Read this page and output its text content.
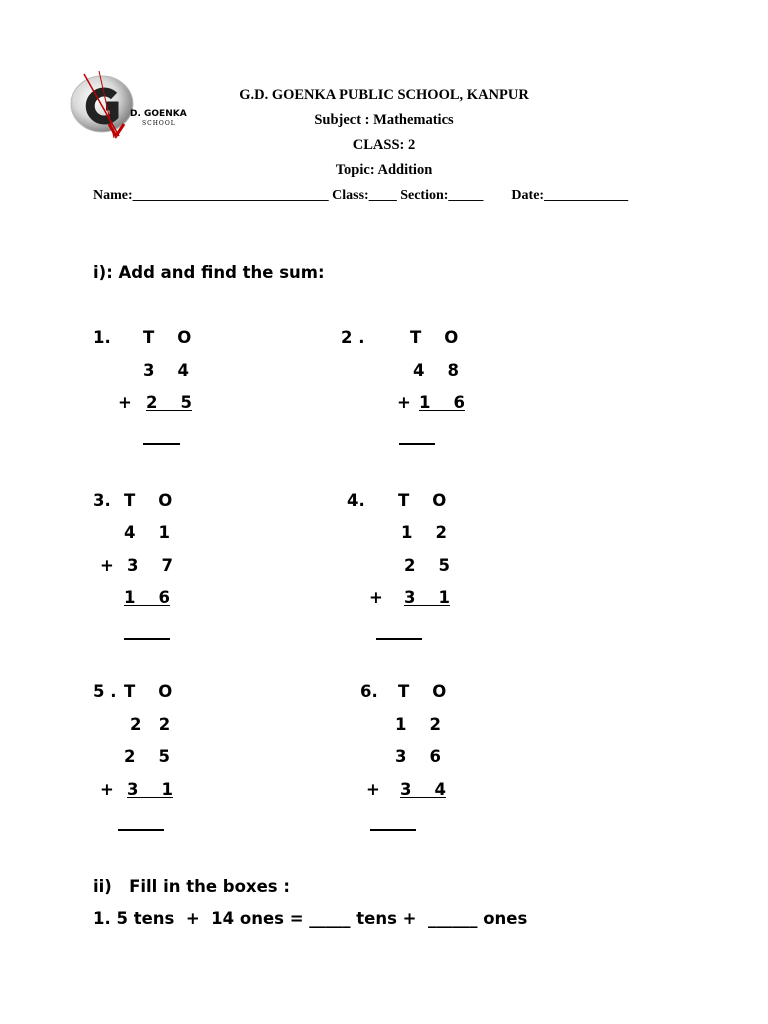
D. GOENKA
SCHOOL
G.D. GOENKA PUBLIC SCHOOL, KANPUR
Subject : Mathematics
CLASS: 2
Topic: Addition
Name:____________________________ Class:____ Section:_____        Date:____________
i): Add and find the sum:
1. T    O
3    4
+ 2    5
2 .	T    O
4    8
+ 1    6
3. T    O
4    1
+ 3    7
1    6
4. T    O
1    2
2    5
+ 3    1
5 . T    O
2   2
2    5
+ 3    1
6. T    O
1    2
3    6
+ 3    4
ii)   Fill in the boxes :
1. 5 tens  +  14 ones = _____ tens +  ______ ones
